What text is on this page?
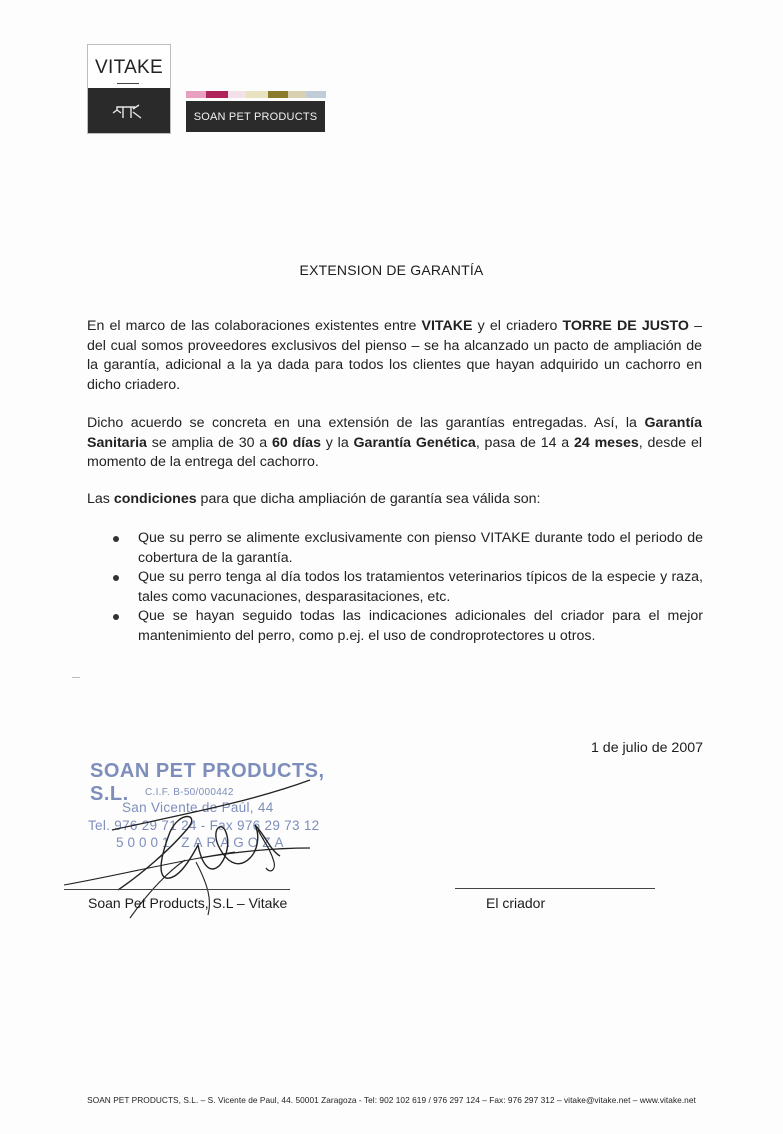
VITAKE
SOAN PET PRODUCTS
EXTENSION DE GARANTÍA
En el marco de las colaboraciones existentes entre VITAKE y el criadero TORRE DE JUSTO – del cual somos proveedores exclusivos del pienso – se ha alcanzado un pacto de ampliación de la garantía, adicional a la ya dada para todos los clientes que hayan adquirido un cachorro en dicho criadero.
Dicho acuerdo se concreta en una extensión de las garantías entregadas. Así, la Garantía Sanitaria se amplia de 30 a 60 días y la Garantía Genética, pasa de 14 a 24 meses, desde el momento de la entrega del cachorro.
Las condiciones para que dicha ampliación de garantía sea válida son:
Que su perro se alimente exclusivamente con pienso VITAKE durante todo el periodo de cobertura de la garantía.
Que su perro tenga al día todos los tratamientos veterinarios típicos de la especie y raza, tales como vacunaciones, desparasitaciones, etc.
Que se hayan seguido todas las indicaciones adicionales del criador para el mejor mantenimiento del perro, como p.ej. el uso de condroprotectores u otros.
1 de julio de 2007
SOAN PET PRODUCTS, S.L.	C.I.F. B-50/000442
San Vicente de Paúl, 44
Tel. 976 29 71 24 - Fax 976 29 73 12
50001 ZARAGOZA
Soan Pet Products, S.L – Vitake	El criador
SOAN PET PRODUCTS, S.L. – S. Vicente de Paul, 44. 50001 Zaragoza - Tel: 902 102 619 / 976 297 124 – Fax: 976 297 312 – vitake@vitake.net – www.vitake.net
